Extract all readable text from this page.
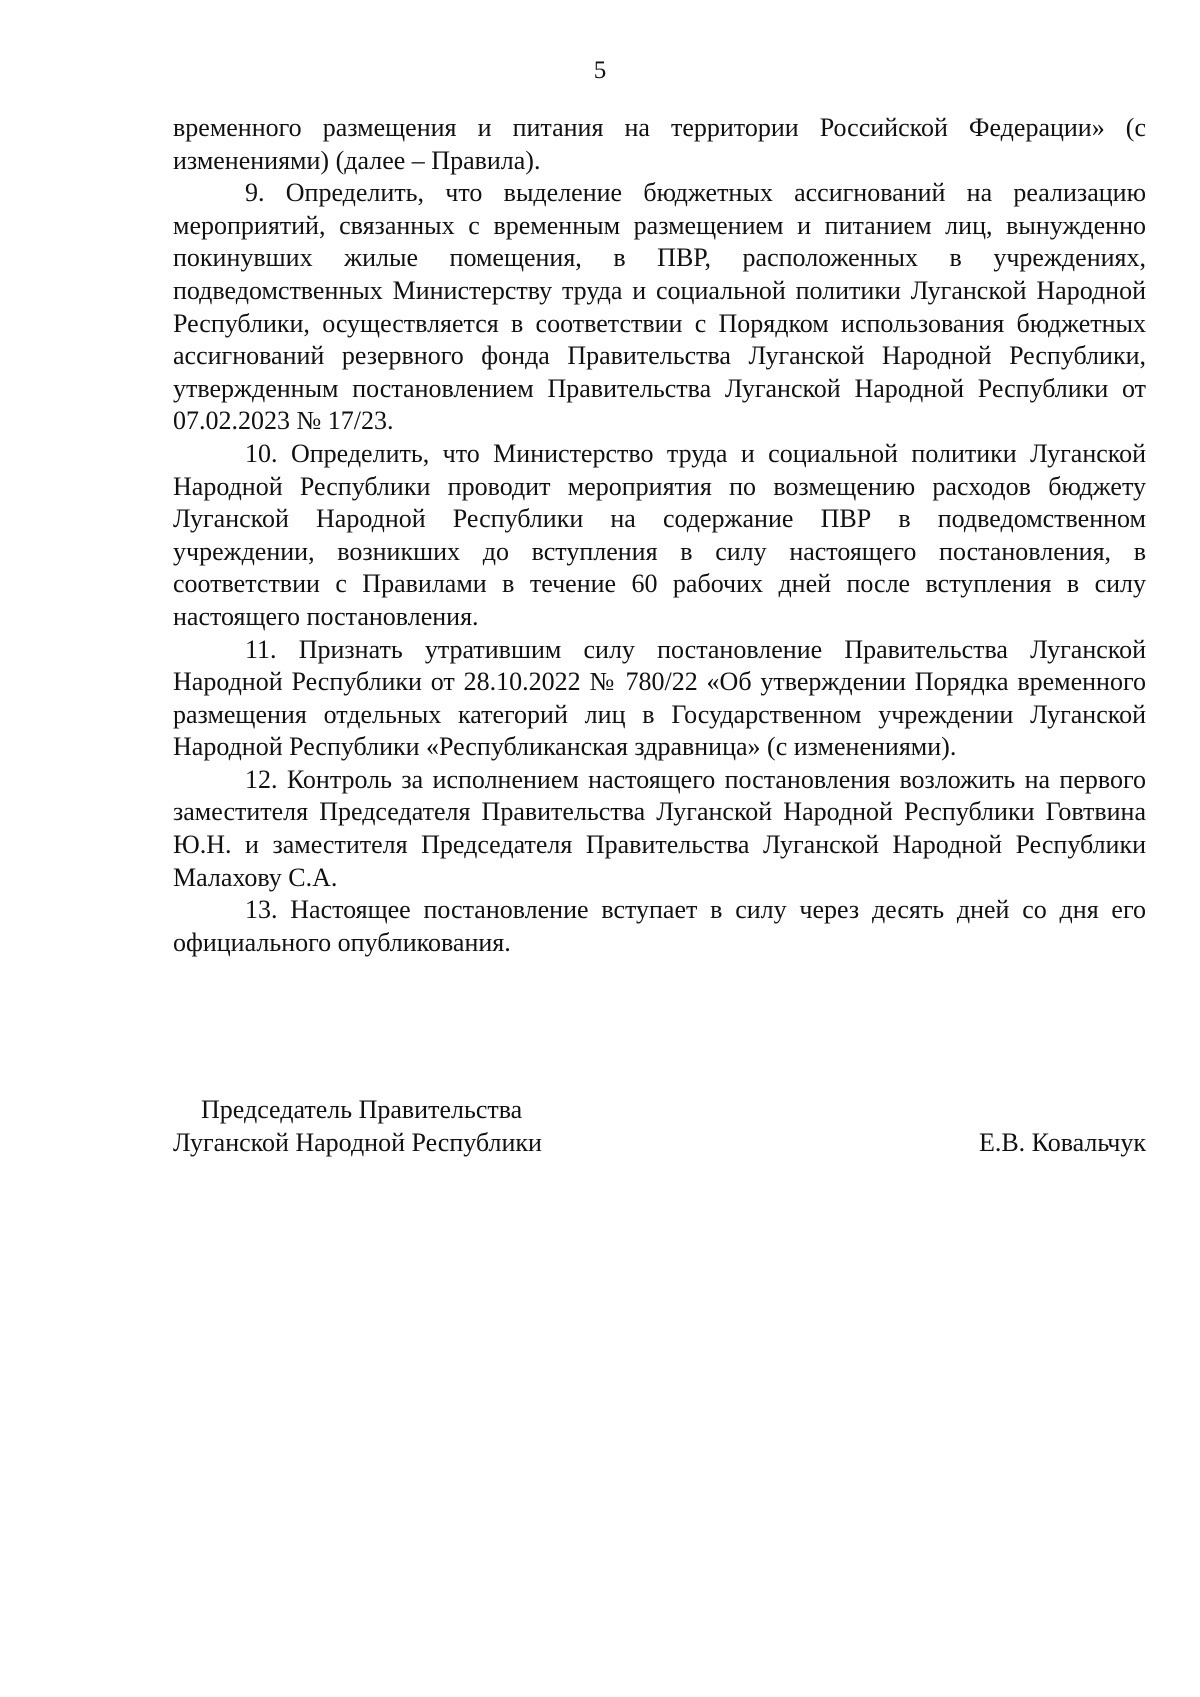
5

временного размещения и питания на территории Российской Федерации» (с изменениями) (далее – Правила).

9. Определить, что выделение бюджетных ассигнований на реализацию мероприятий, связанных с временным размещением и питанием лиц, вынужденно покинувших жилые помещения, в ПВР, расположенных в учреждениях, подведомственных Министерству труда и социальной политики Луганской Народной Республики, осуществляется в соответствии с Порядком использования бюджетных ассигнований резервного фонда Правительства Луганской Народной Республики, утвержденным постановлением Правительства Луганской Народной Республики от 07.02.2023 № 17/23.

10. Определить, что Министерство труда и социальной политики Луганской Народной Республики проводит мероприятия по возмещению расходов бюджету Луганской Народной Республики на содержание ПВР в подведомственном учреждении, возникших до вступления в силу настоящего постановления, в соответствии с Правилами в течение 60 рабочих дней после вступления в силу настоящего постановления.

11. Признать утратившим силу постановление Правительства Луганской Народной Республики от 28.10.2022 № 780/22 «Об утверждении Порядка временного размещения отдельных категорий лиц в Государственном учреждении Луганской Народной Республики «Республиканская здравница» (с изменениями).

12. Контроль за исполнением настоящего постановления возложить на первого заместителя Председателя Правительства Луганской Народной Республики Говтвина Ю.Н. и заместителя Председателя Правительства Луганской Народной Республики Малахову С.А.

13. Настоящее постановление вступает в силу через десять дней со дня его официального опубликования.

Председатель Правительства
Луганской Народной Республики	Е.В. Ковальчук
